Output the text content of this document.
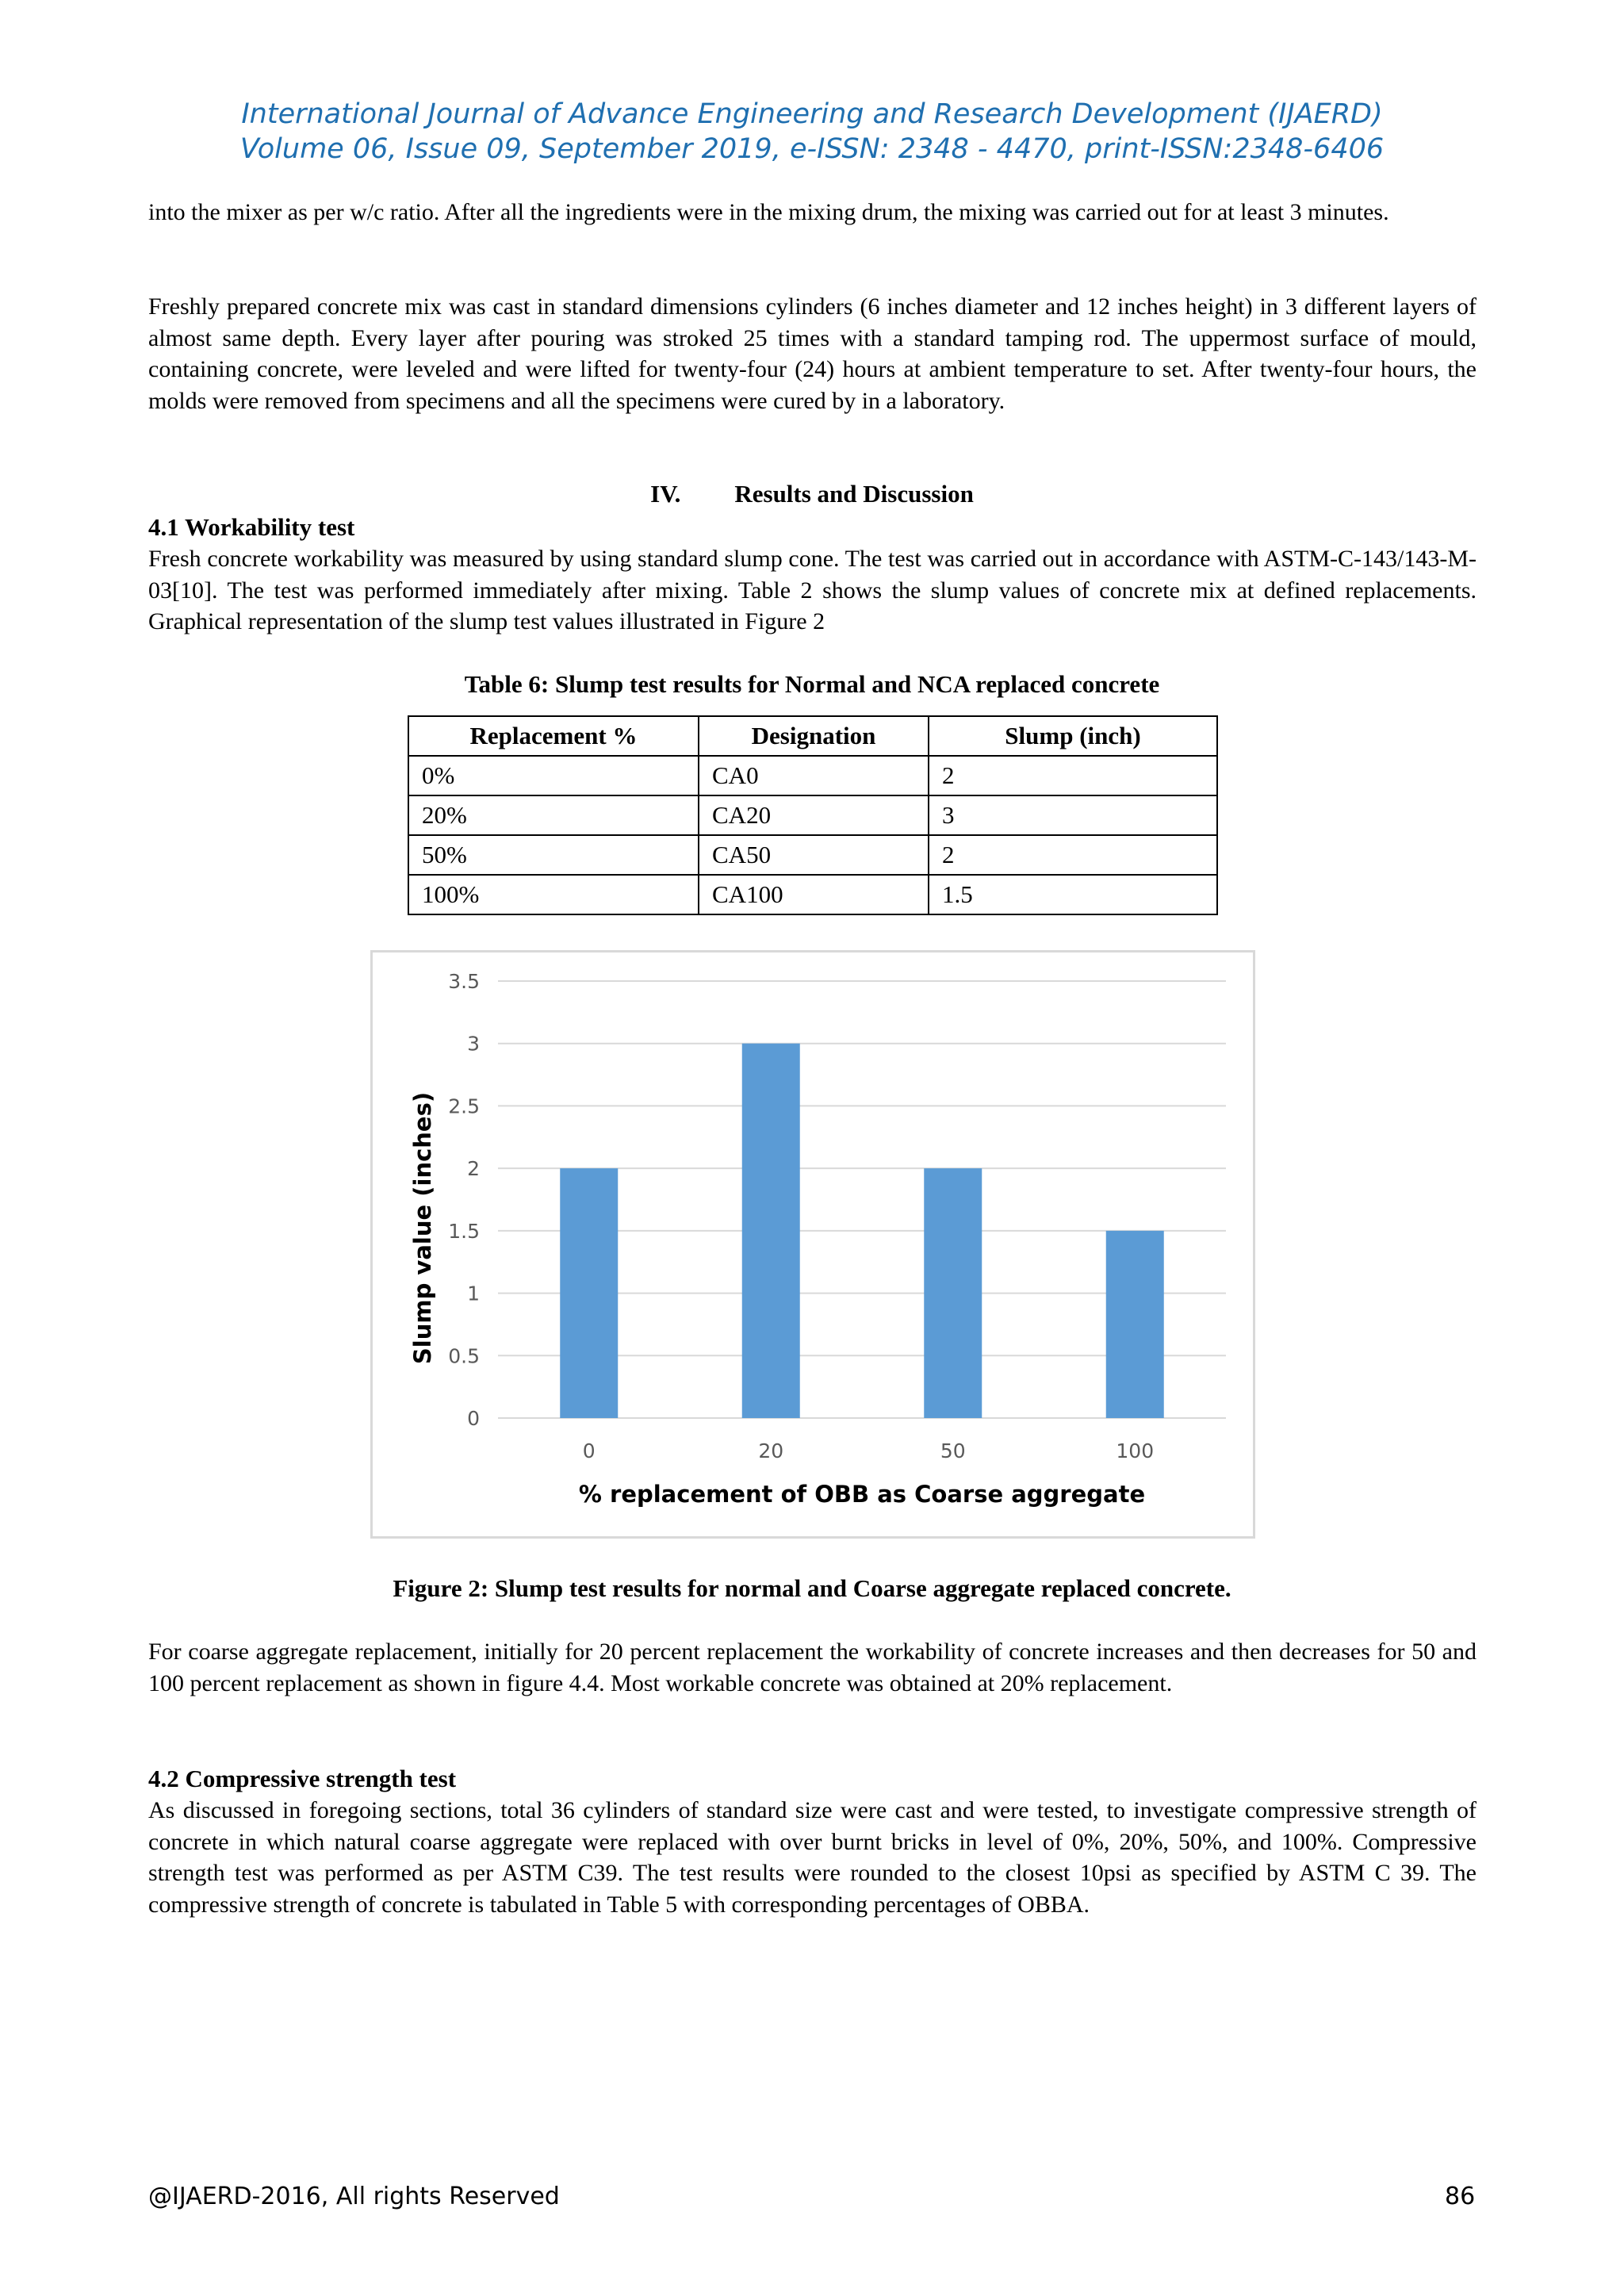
International Journal of Advance Engineering and Research Development (IJAERD)
Volume 06, Issue 09, September 2019, e-ISSN: 2348 - 4470, print-ISSN:2348-6406

into the mixer as per w/c ratio. After all the ingredients were in the mixing drum, the mixing was carried out for at least 3 minutes.

Freshly prepared concrete mix was cast in standard dimensions cylinders (6 inches diameter and 12 inches height) in 3 different layers of almost same depth. Every layer after pouring was stroked 25 times with a standard tamping rod. The uppermost surface of mould, containing concrete, were leveled and were lifted for twenty-four (24) hours at ambient temperature to set. After twenty-four hours, the molds were removed from specimens and all the specimens were cured by in a laboratory.

IV. Results and Discussion
4.1 Workability test

Fresh concrete workability was measured by using standard slump cone. The test was carried out in accordance with ASTM-C-143/143-M-03[10]. The test was performed immediately after mixing. Table 2 shows the slump values of concrete mix at defined replacements. Graphical representation of the slump test values illustrated in Figure 2

Table 6: Slump test results for Normal and NCA replaced concrete
Replacement %	Designation	Slump (inch)
0%	CA0	2
20%	CA20	3
50%	CA50	2
100%	CA100	1.5
0
0.5
1
1.5
2
2.5
3
3.5
0	20	50	100
% replacement of OBB as Coarse aggregate
Slump value (inches)
Figure 2: Slump test results for normal and Coarse aggregate replaced concrete.

For coarse aggregate replacement, initially for 20 percent replacement the workability of concrete increases and then decreases for 50 and 100 percent replacement as shown in figure 4.4. Most workable concrete was obtained at 20% replacement.

4.2 Compressive strength test

As discussed in foregoing sections, total 36 cylinders of standard size were cast and were tested, to investigate compressive strength of concrete in which natural coarse aggregate were replaced with over burnt bricks in level of 0%, 20%, 50%, and 100%. Compressive strength test was performed as per ASTM C39. The test results were rounded to the closest 10psi as specified by ASTM C 39. The compressive strength of concrete is tabulated in Table 5 with corresponding percentages of OBBA.

@IJAERD-2016, All rights Reserved	86
